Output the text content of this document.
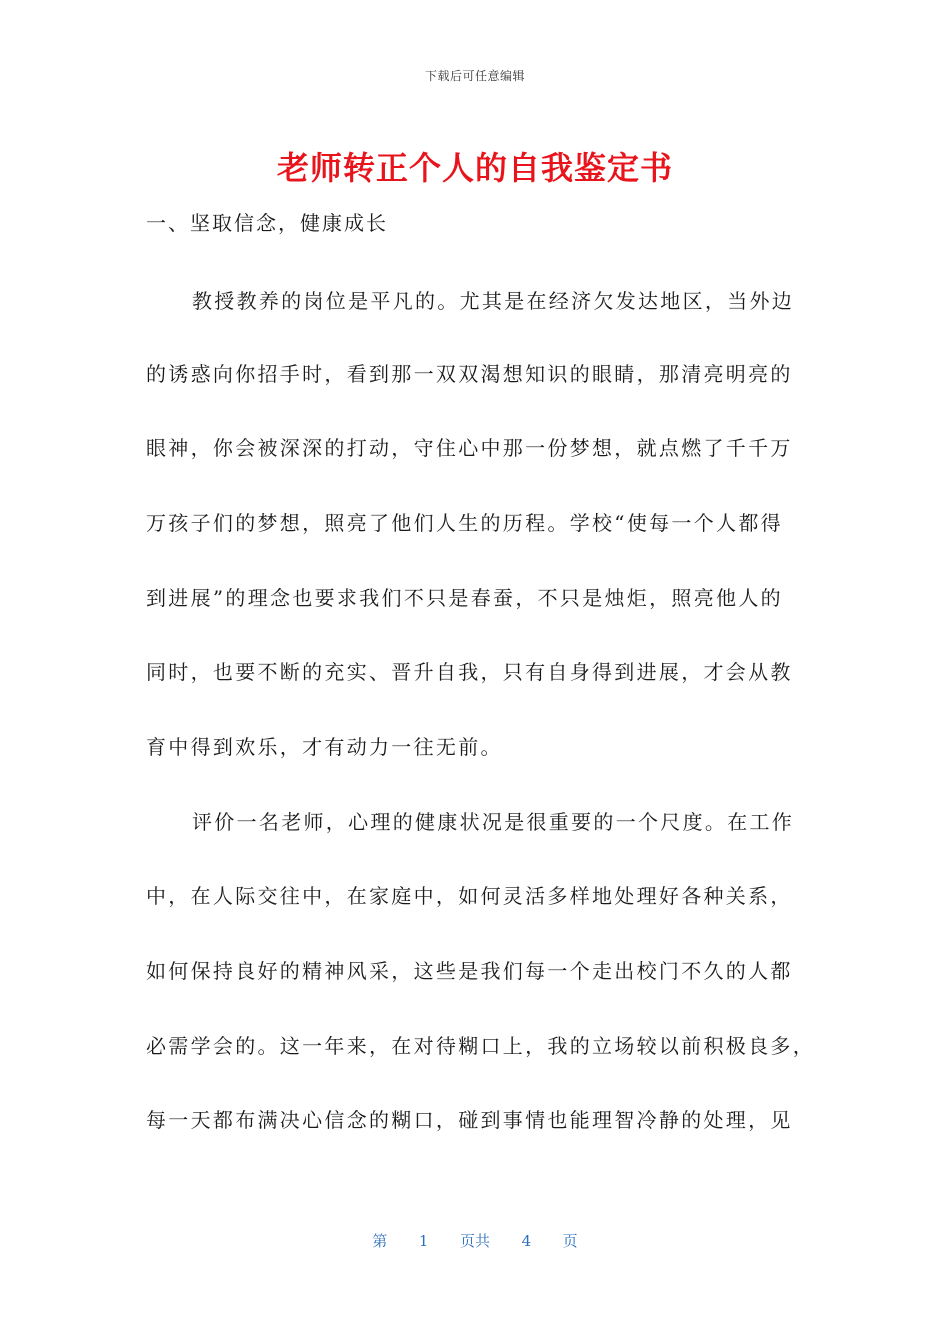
下载后可任意编辑
老师转正个人的自我鉴定书
一、坚取信念，健康成长
教授教养的岗位是平凡的。尤其是在经济欠发达地区，当外边
的诱惑向你招手时，看到那一双双渴想知识的眼睛，那清亮明亮的
眼神，你会被深深的打动，守住心中那一份梦想，就点燃了千千万
万孩子们的梦想，照亮了他们人生的历程。学校“使每一个人都得
到进展”的理念也要求我们不只是春蚕，不只是烛炬，照亮他人的
同时，也要不断的充实、晋升自我，只有自身得到进展，才会从教
育中得到欢乐，才有动力一往无前。
评价一名老师，心理的健康状况是很重要的一个尺度。在工作
中，在人际交往中，在家庭中，如何灵活多样地处理好各种关系，
如何保持良好的精神风采，这些是我们每一个走出校门不久的人都
必需学会的。这一年来，在对待糊口上，我的立场较以前积极良多，
每一天都布满决心信念的糊口，碰到事情也能理智冷静的处理，见
第 1 页共 4 页
